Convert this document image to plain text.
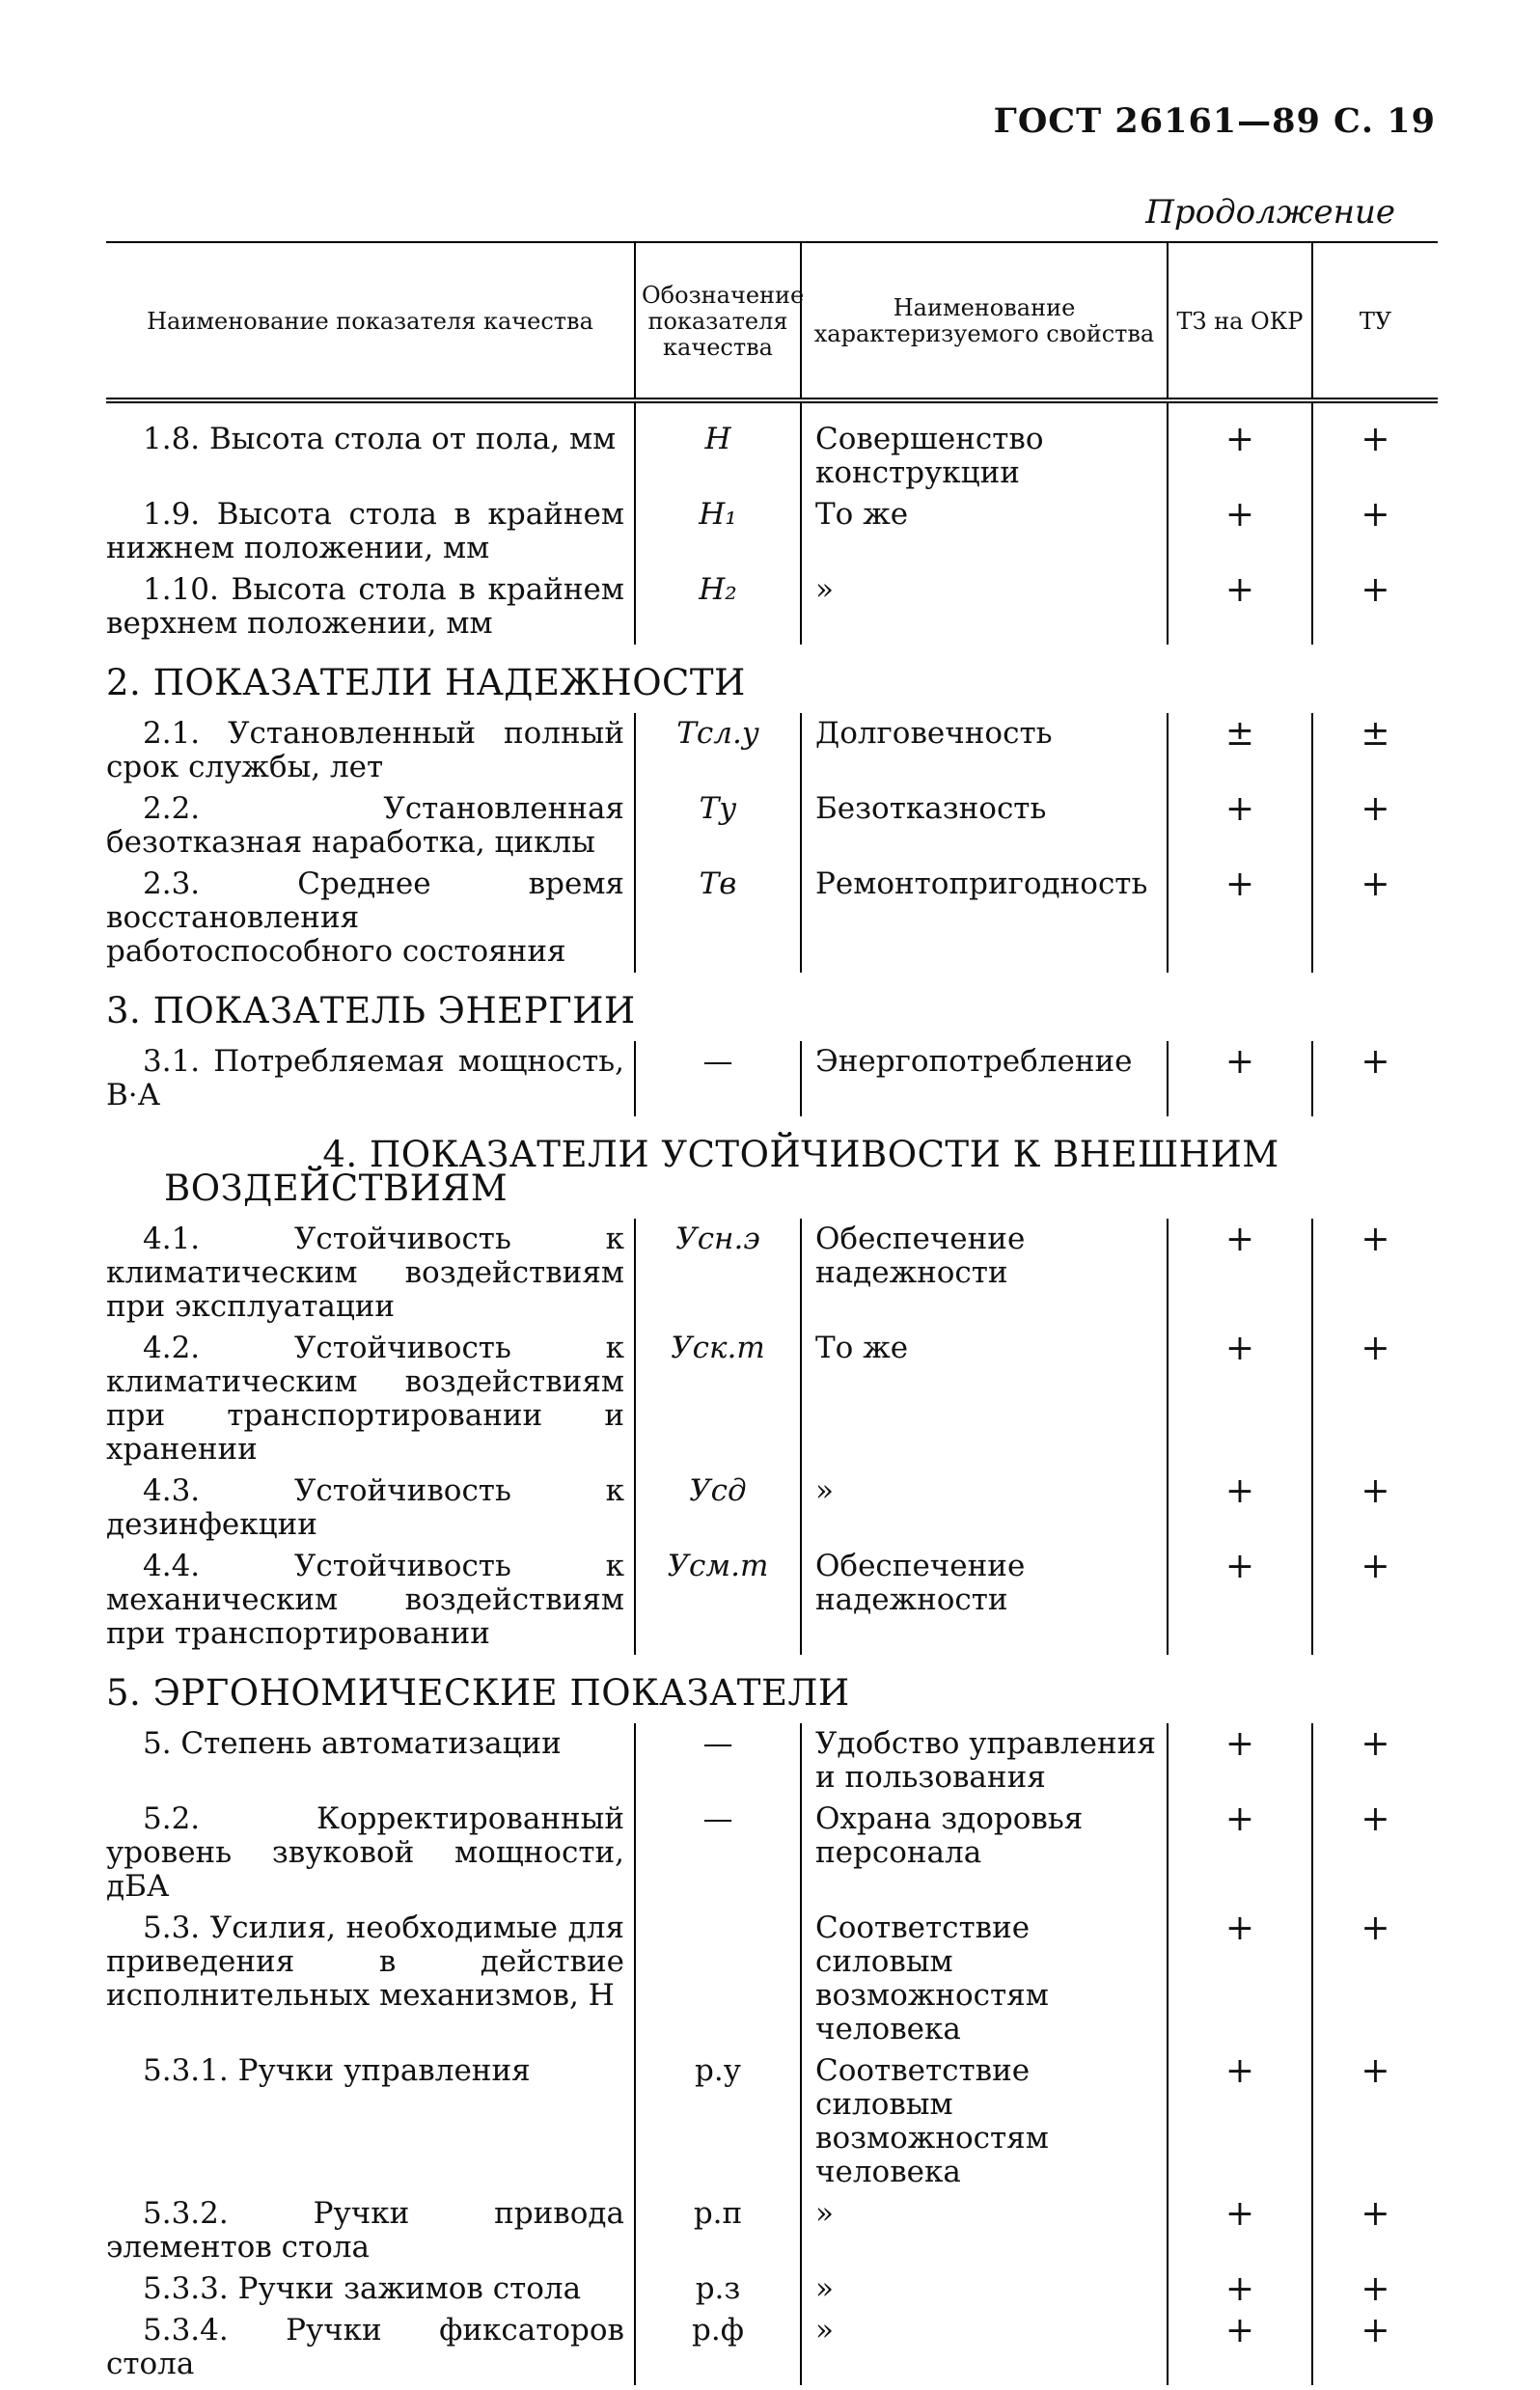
ГОСТ 26161—89 С. 19
Продолжение
Наименование показателя качества	Обозначение показателя качества	Наименование характеризуемого свойства	ТЗ на ОКР	ТУ
1.8. Высота стола от пола, мм	H	Совершенство конструкции	+	+
1.9. Высота стола в крайнем нижнем положении, мм	H₁	То же	+	+
1.10. Высота стола в крайнем верхнем положении, мм	H₂	»	+	+
2. ПОКАЗАТЕЛИ НАДЕЖНОСТИ				
2.1. Установленный полный срок службы, лет	Tсл.у	Долговечность	±	±
2.2. Установленная безотказная наработка, циклы	Tу	Безотказность	+	+
2.3. Среднее время восстановления работоспособного состояния	Tв	Ремонтопригодность	+	+
3. ПОКАЗАТЕЛЬ ЭНЕРГИИ				
3.1. Потребляемая мощность, В·А	—	Энергопотребление	+	+
4. ПОКАЗАТЕЛИ УСТОЙЧИВОСТИ К ВНЕШНИМ ВОЗДЕЙСТВИЯМ				
4.1. Устойчивость к климатическим воздействиям при эксплуатации	Усн.э	Обеспечение надежности	+	+
4.2. Устойчивость к климатическим воздействиям при транспортировании и хранении	Уск.т	То же	+	+
4.3. Устойчивость к дезинфекции	Усд	»	+	+
4.4. Устойчивость к механическим воздействиям при транспортировании	Усм.т	Обеспечение надежности	+	+
5. ЭРГОНОМИЧЕСКИЕ ПОКАЗАТЕЛИ				
5. Степень автоматизации	—	Удобство управления и пользования	+	+
5.2. Корректированный уровень звуковой мощности, дБА	—	Охрана здоровья персонала	+	+
5.3. Усилия, необходимые для приведения в действие исполнительных механизмов, Н		Соответствие силовым возможностям человека	+	+
5.3.1. Ручки управления	р.у	Соответствие силовым возможностям человека	+	+
5.3.2. Ручки привода элементов стола	р.п	»	+	+
5.3.3. Ручки зажимов стола	р.з	»	+	+
5.3.4. Ручки фиксаторов стола	р.ф	»	+	+
